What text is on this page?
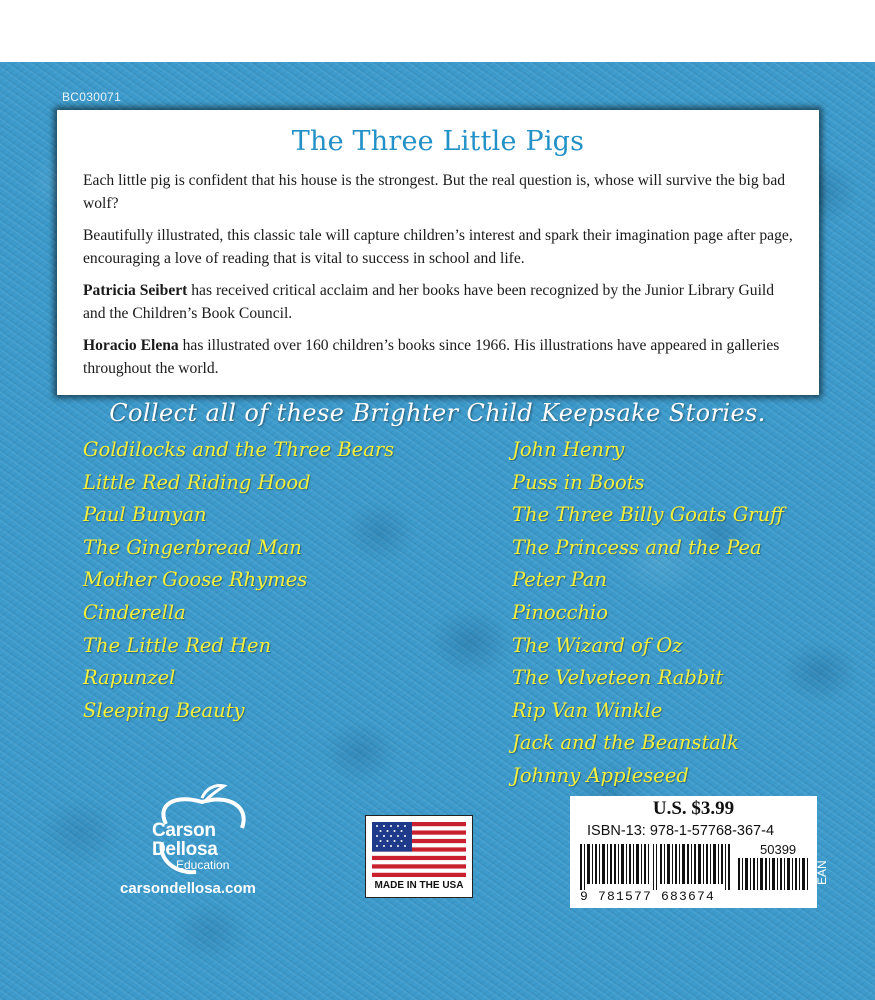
BC030071
The Three Little Pigs

Each little pig is confident that his house is the strongest. But the real question is, whose will survive the big bad wolf?

Beautifully illustrated, this classic tale will capture children’s interest and spark their imagination page after page, encouraging a love of reading that is vital to success in school and life.

Patricia Seibert has received critical acclaim and her books have been recognized by the Junior Library Guild and the Children’s Book Council.

Horacio Elena has illustrated over 160 children’s books since 1966. His illustrations have appeared in galleries throughout the world.

Collect all of these Brighter Child Keepsake Stories.
Goldilocks and the Three Bears
Little Red Riding Hood
Paul Bunyan
The Gingerbread Man
Mother Goose Rhymes
Cinderella
The Little Red Hen
Rapunzel
Sleeping Beauty
John Henry
Puss in Boots
The Three Billy Goats Gruff
The Princess and the Pea
Peter Pan
Pinocchio
The Wizard of Oz
The Velveteen Rabbit
Rip Van Winkle
Jack and the Beanstalk
Johnny Appleseed
Carson
Dellosa
Education
carsondellosa.com	MADE IN THE USA
U.S. $3.99
ISBN-13: 978-1-57768-367-4
50399
9 781577 683674
EAN
